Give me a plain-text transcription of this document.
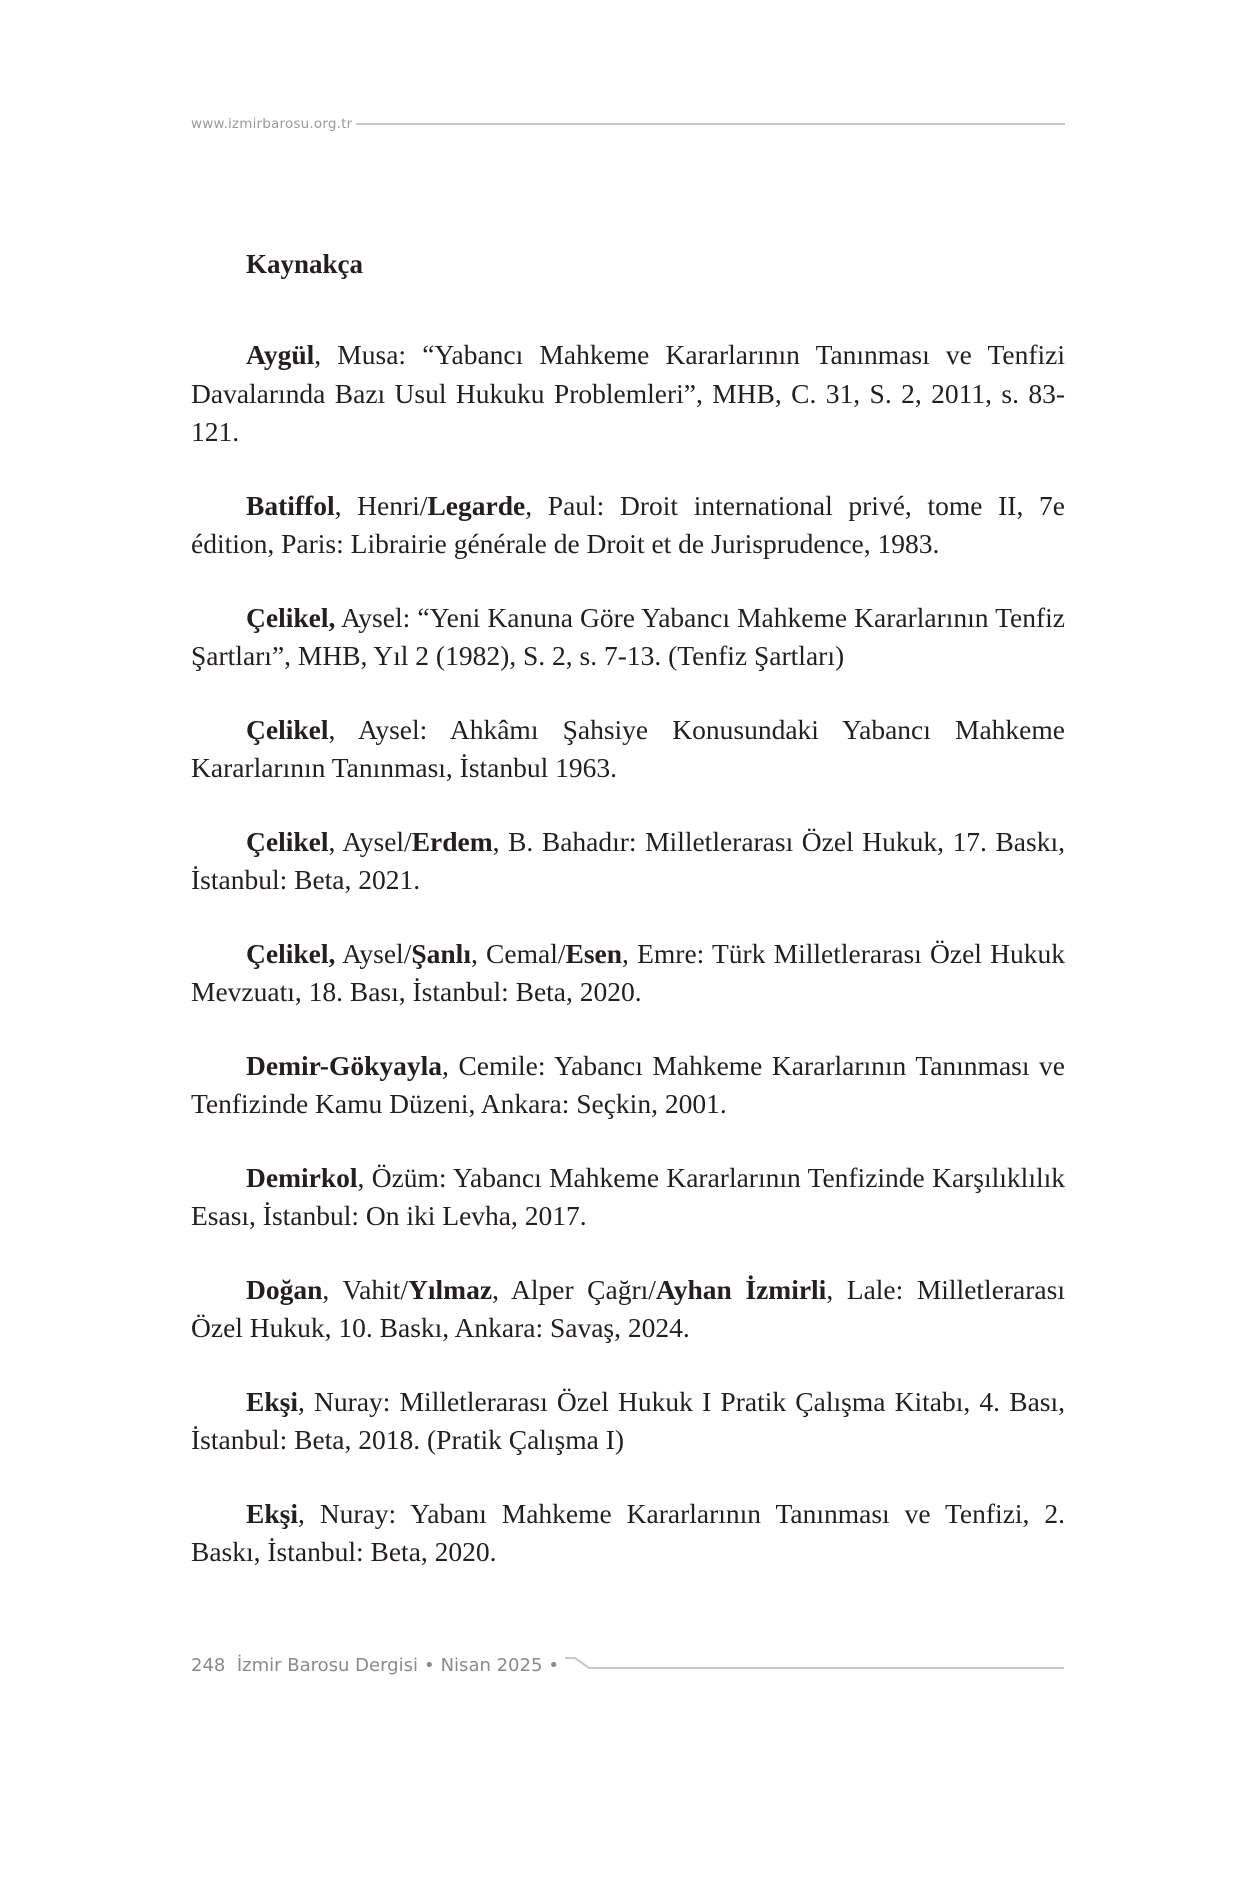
www.izmirbarosu.org.tr
Kaynakça

Aygül, Musa: “Yabancı Mahkeme Kararlarının Tanınması ve Tenfizi Davalarında Bazı Usul Hukuku Problemleri”, MHB, C. 31, S. 2, 2011, s. 83-121.

Batiffol, Henri/Legarde, Paul: Droit international privé, tome II, 7e édition, Paris: Librairie générale de Droit et de Jurisprudence, 1983.

Çelikel, Aysel: “Yeni Kanuna Göre Yabancı Mahkeme Kararlarının Tenfiz Şartları”, MHB, Yıl 2 (1982), S. 2, s. 7-13. (Tenfiz Şartları)

Çelikel, Aysel: Ahkâmı Şahsiye Konusundaki Yabancı Mahkeme Kararlarının Tanınması, İstanbul 1963.

Çelikel, Aysel/Erdem, B. Bahadır: Milletlerarası Özel Hukuk, 17. Baskı, İstanbul: Beta, 2021.

Çelikel, Aysel/Şanlı, Cemal/Esen, Emre: Türk Milletlerarası Özel Hukuk Mevzuatı, 18. Bası, İstanbul: Beta, 2020.

Demir-Gökyayla, Cemile: Yabancı Mahkeme Kararlarının Tanınması ve Tenfizinde Kamu Düzeni, Ankara: Seçkin, 2001.

Demirkol, Özüm: Yabancı Mahkeme Kararlarının Tenfizinde Karşılıklılık Esası, İstanbul: On iki Levha, 2017.

Doğan, Vahit/Yılmaz, Alper Çağrı/Ayhan İzmirli, Lale: Milletlerarası Özel Hukuk, 10. Baskı, Ankara: Savaş, 2024.

Ekşi, Nuray: Milletlerarası Özel Hukuk I Pratik Çalışma Kitabı, 4. Bası, İstanbul: Beta, 2018. (Pratik Çalışma I)

Ekşi, Nuray: Yabanı Mahkeme Kararlarının Tanınması ve Tenfizi, 2. Baskı, İstanbul: Beta, 2020.

248 İzmir Barosu Dergisi • Nisan 2025 •
